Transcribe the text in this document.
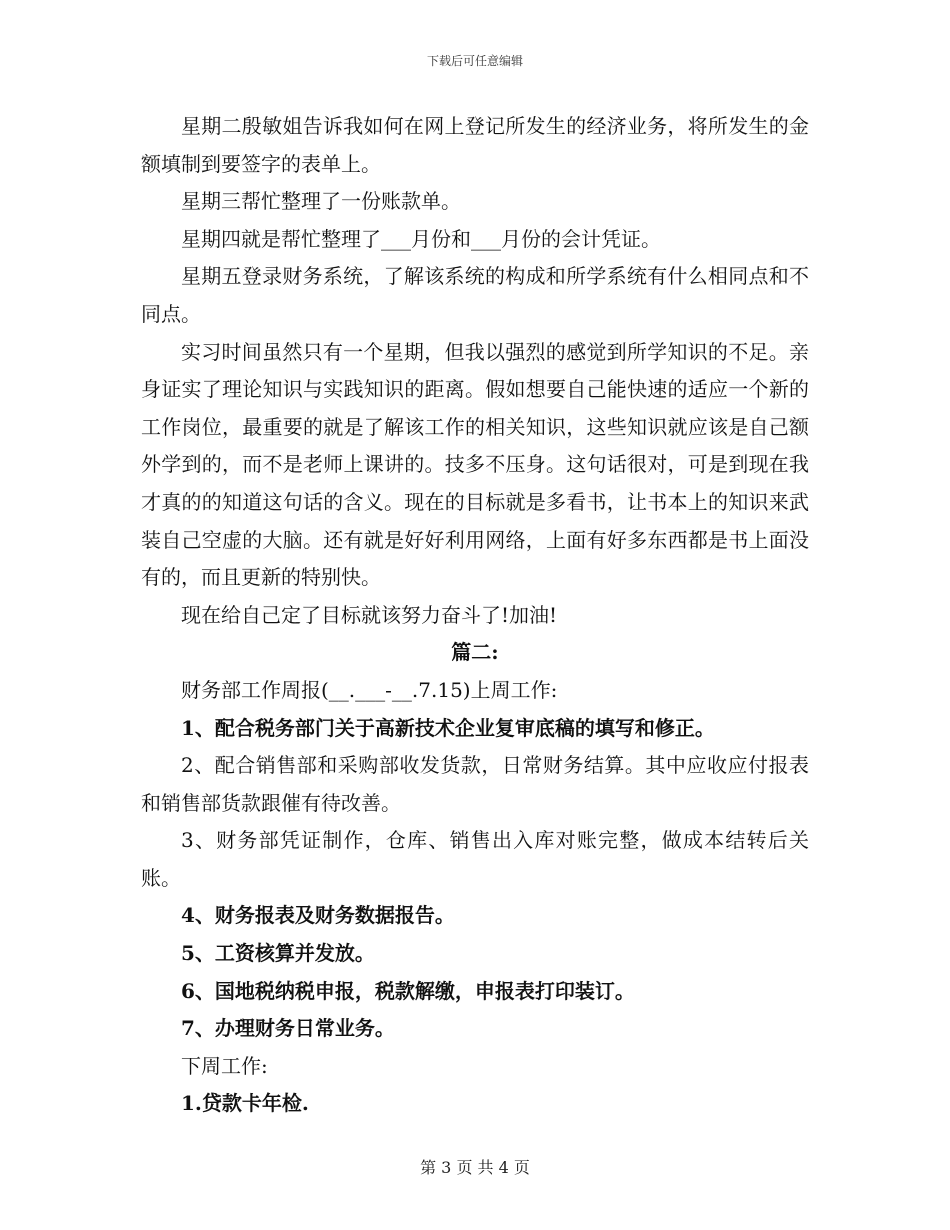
下载后可任意编辑

星期二殷敏姐告诉我如何在网上登记所发生的经济业务，将所发生的金额填制到要签字的表单上。

星期三帮忙整理了一份账款单。

星期四就是帮忙整理了___月份和___月份的会计凭证。

星期五登录财务系统，了解该系统的构成和所学系统有什么相同点和不同点。

实习时间虽然只有一个星期，但我以强烈的感觉到所学知识的不足。亲身证实了理论知识与实践知识的距离。假如想要自己能快速的适应一个新的工作岗位，最重要的就是了解该工作的相关知识，这些知识就应该是自己额外学到的，而不是老师上课讲的。技多不压身。这句话很对，可是到现在我才真的的知道这句话的含义。现在的目标就是多看书，让书本上的知识来武装自己空虚的大脑。还有就是好好利用网络，上面有好多东西都是书上面没有的，而且更新的特别快。

现在给自己定了目标就该努力奋斗了!加油!

篇二:

财务部工作周报(__.___-__.7.15)上周工作:

1、配合税务部门关于高新技术企业复审底稿的填写和修正。

2、配合销售部和采购部收发货款，日常财务结算。其中应收应付报表和销售部货款跟催有待改善。

3、财务部凭证制作，仓库、销售出入库对账完整，做成本结转后关账。

4、财务报表及财务数据报告。

5、工资核算并发放。

6、国地税纳税申报，税款解缴，申报表打印装订。

7、办理财务日常业务。

下周工作:

1.贷款卡年检.

第 3 页 共 4 页
